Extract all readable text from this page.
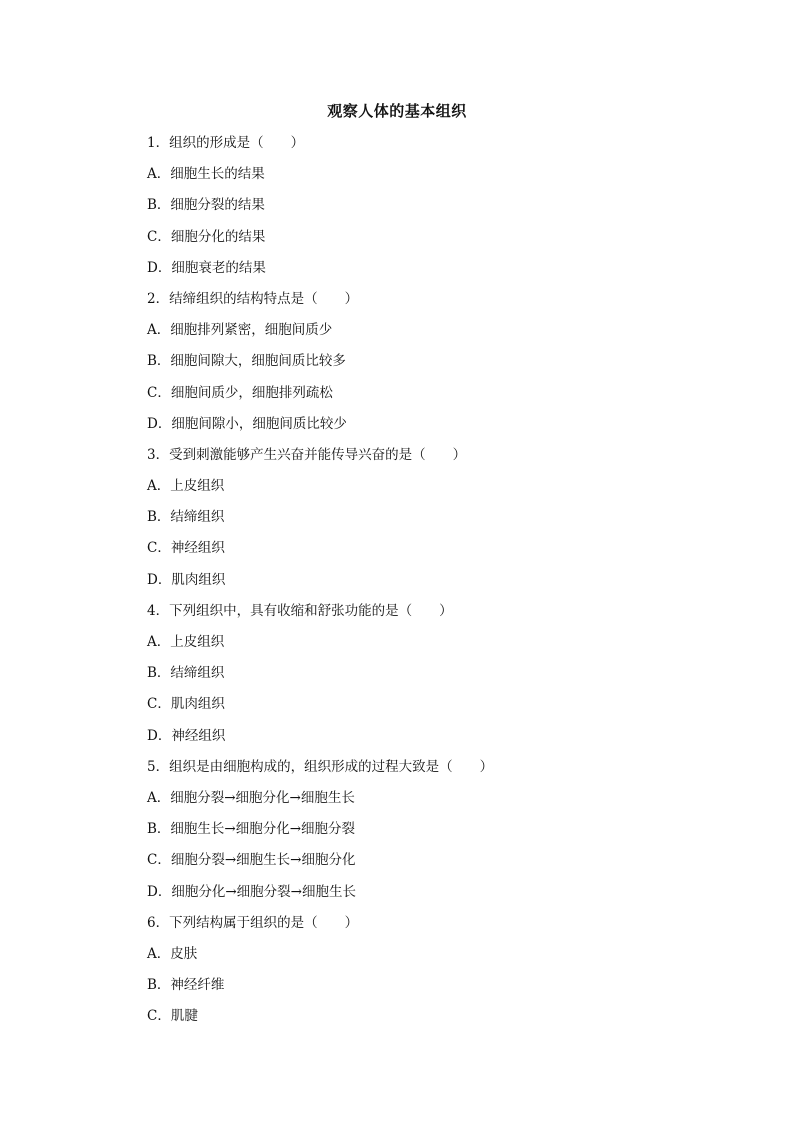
观察人体的基本组织
1．组织的形成是（　　）
A．细胞生长的结果
B．细胞分裂的结果
C．细胞分化的结果
D．细胞衰老的结果
2．结缔组织的结构特点是（　　）
A．细胞排列紧密，细胞间质少
B．细胞间隙大，细胞间质比较多
C．细胞间质少，细胞排列疏松
D．细胞间隙小，细胞间质比较少
3．受到刺激能够产生兴奋并能传导兴奋的是（　　）
A．上皮组织
B．结缔组织
C．神经组织
D．肌肉组织
4．下列组织中，具有收缩和舒张功能的是（　　）
A．上皮组织
B．结缔组织
C．肌肉组织
D．神经组织
5．组织是由细胞构成的，组织形成的过程大致是（　　）
A．细胞分裂→细胞分化→细胞生长
B．细胞生长→细胞分化→细胞分裂
C．细胞分裂→细胞生长→细胞分化
D．细胞分化→细胞分裂→细胞生长
6．下列结构属于组织的是（　　）
A．皮肤
B．神经纤维
C．肌腱
